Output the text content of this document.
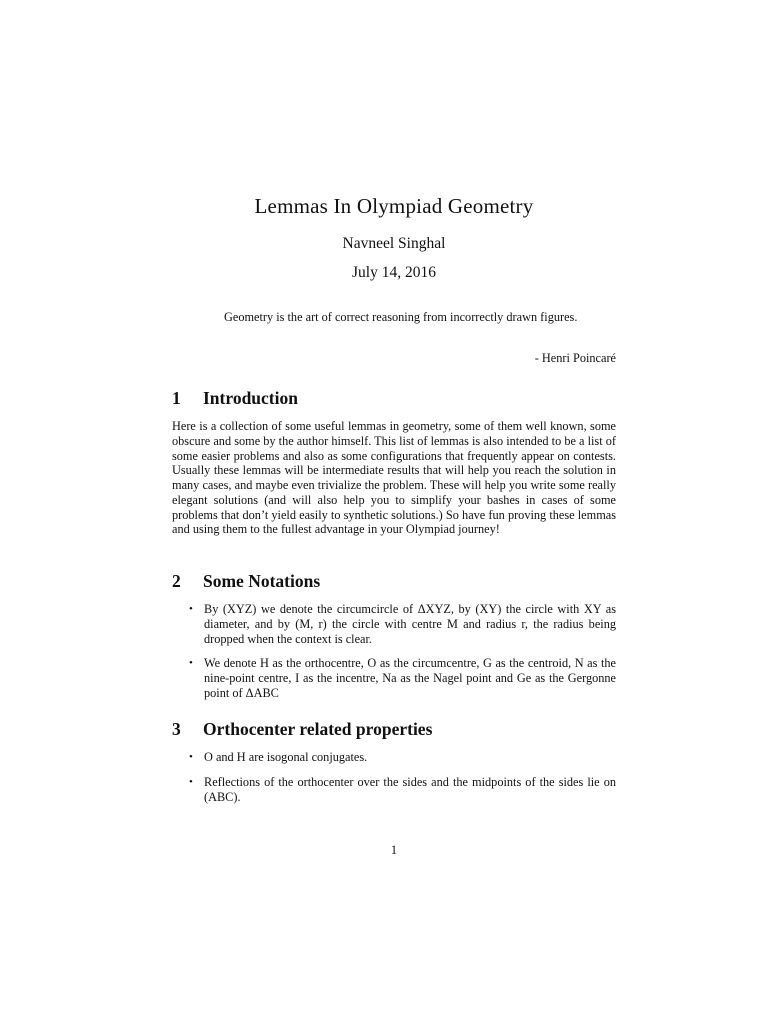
Lemmas In Olympiad Geometry
Navneel Singhal
July 14, 2016
Geometry is the art of correct reasoning from incorrectly drawn figures.
- Henri Poincaré
1 Introduction
Here is a collection of some useful lemmas in geometry, some of them well known, some obscure and some by the author himself. This list of lemmas is also intended to be a list of some easier problems and also as some configurations that frequently appear on contests. Usually these lemmas will be intermediate results that will help you reach the solution in many cases, and maybe even trivialize the problem. These will help you write some really elegant solutions (and will also help you to simplify your bashes in cases of some problems that don’t yield easily to synthetic solutions.) So have fun proving these lemmas and using them to the fullest advantage in your Olympiad journey!
2 Some Notations
• By (XYZ) we denote the circumcircle of ΔXYZ, by (XY) the circle with XY as diameter, and by (M, r) the circle with centre M and radius r, the radius being dropped when the context is clear.
• We denote H as the orthocentre, O as the circumcentre, G as the centroid, N as the nine-point centre, I as the incentre, Na as the Nagel point and Ge as the Gergonne point of ΔABC
3 Orthocenter related properties
• O and H are isogonal conjugates.
• Reflections of the orthocenter over the sides and the midpoints of the sides lie on (ABC).
1
